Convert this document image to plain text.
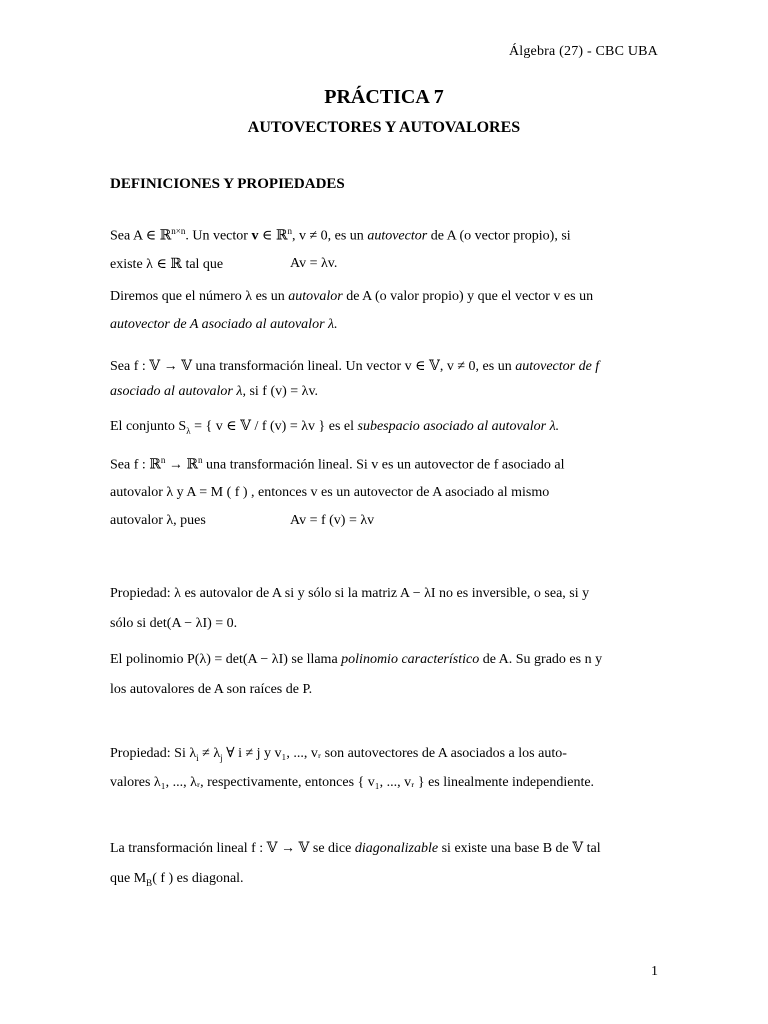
Álgebra (27) - CBC UBA
PRÁCTICA 7
AUTOVECTORES Y AUTOVALORES
DEFINICIONES Y PROPIEDADES
Sea A ∈ ℝ$^{n\times n}$. Un vector v ∈ ℝ$^n$, v ≠ 0, es un autovector de A (o vector propio), si
existe λ ∈ ℝ tal que	Av = λv.
Diremos que el número λ es un autovalor de A (o valor propio) y que el vector v es un
autovector de A asociado al autovalor λ.
Sea f : 𝕍 → 𝕍 una transformación lineal. Un vector v ∈ 𝕍, v ≠ 0, es un autovector de f
asociado al autovalor λ, si f (v) = λv.
El conjunto $S_\lambda$ = { v ∈ 𝕍 / f (v) = λv } es el subespacio asociado al autovalor λ.
Sea f : ℝ$^n$ → ℝ$^n$ una transformación lineal. Si v es un autovector de f asociado al
autovalor λ y A = M ( f ) , entonces v es un autovector de A asociado al mismo
autovalor λ, pues	Av = f (v) = λv
Propiedad: λ es autovalor de A si y sólo si la matriz A − λI no es inversible, o sea, si y
sólo si det(A − λI) = 0.
El polinomio P(λ) = det(A − λI) se llama polinomio característico de A. Su grado es n y
los autovalores de A son raíces de P.
Propiedad: Si $\lambda_i \ne \lambda_j$ ∀ i ≠ j y v₁, ..., vᵣ son autovectores de A asociados a los auto-
valores λ₁, ..., λᵣ, respectivamente, entonces { v₁, ..., vᵣ } es linealmente independiente.
La transformación lineal f : 𝕍 → 𝕍 se dice diagonalizable si existe una base B de 𝕍 tal
que $M_B$( f ) es diagonal.
1
